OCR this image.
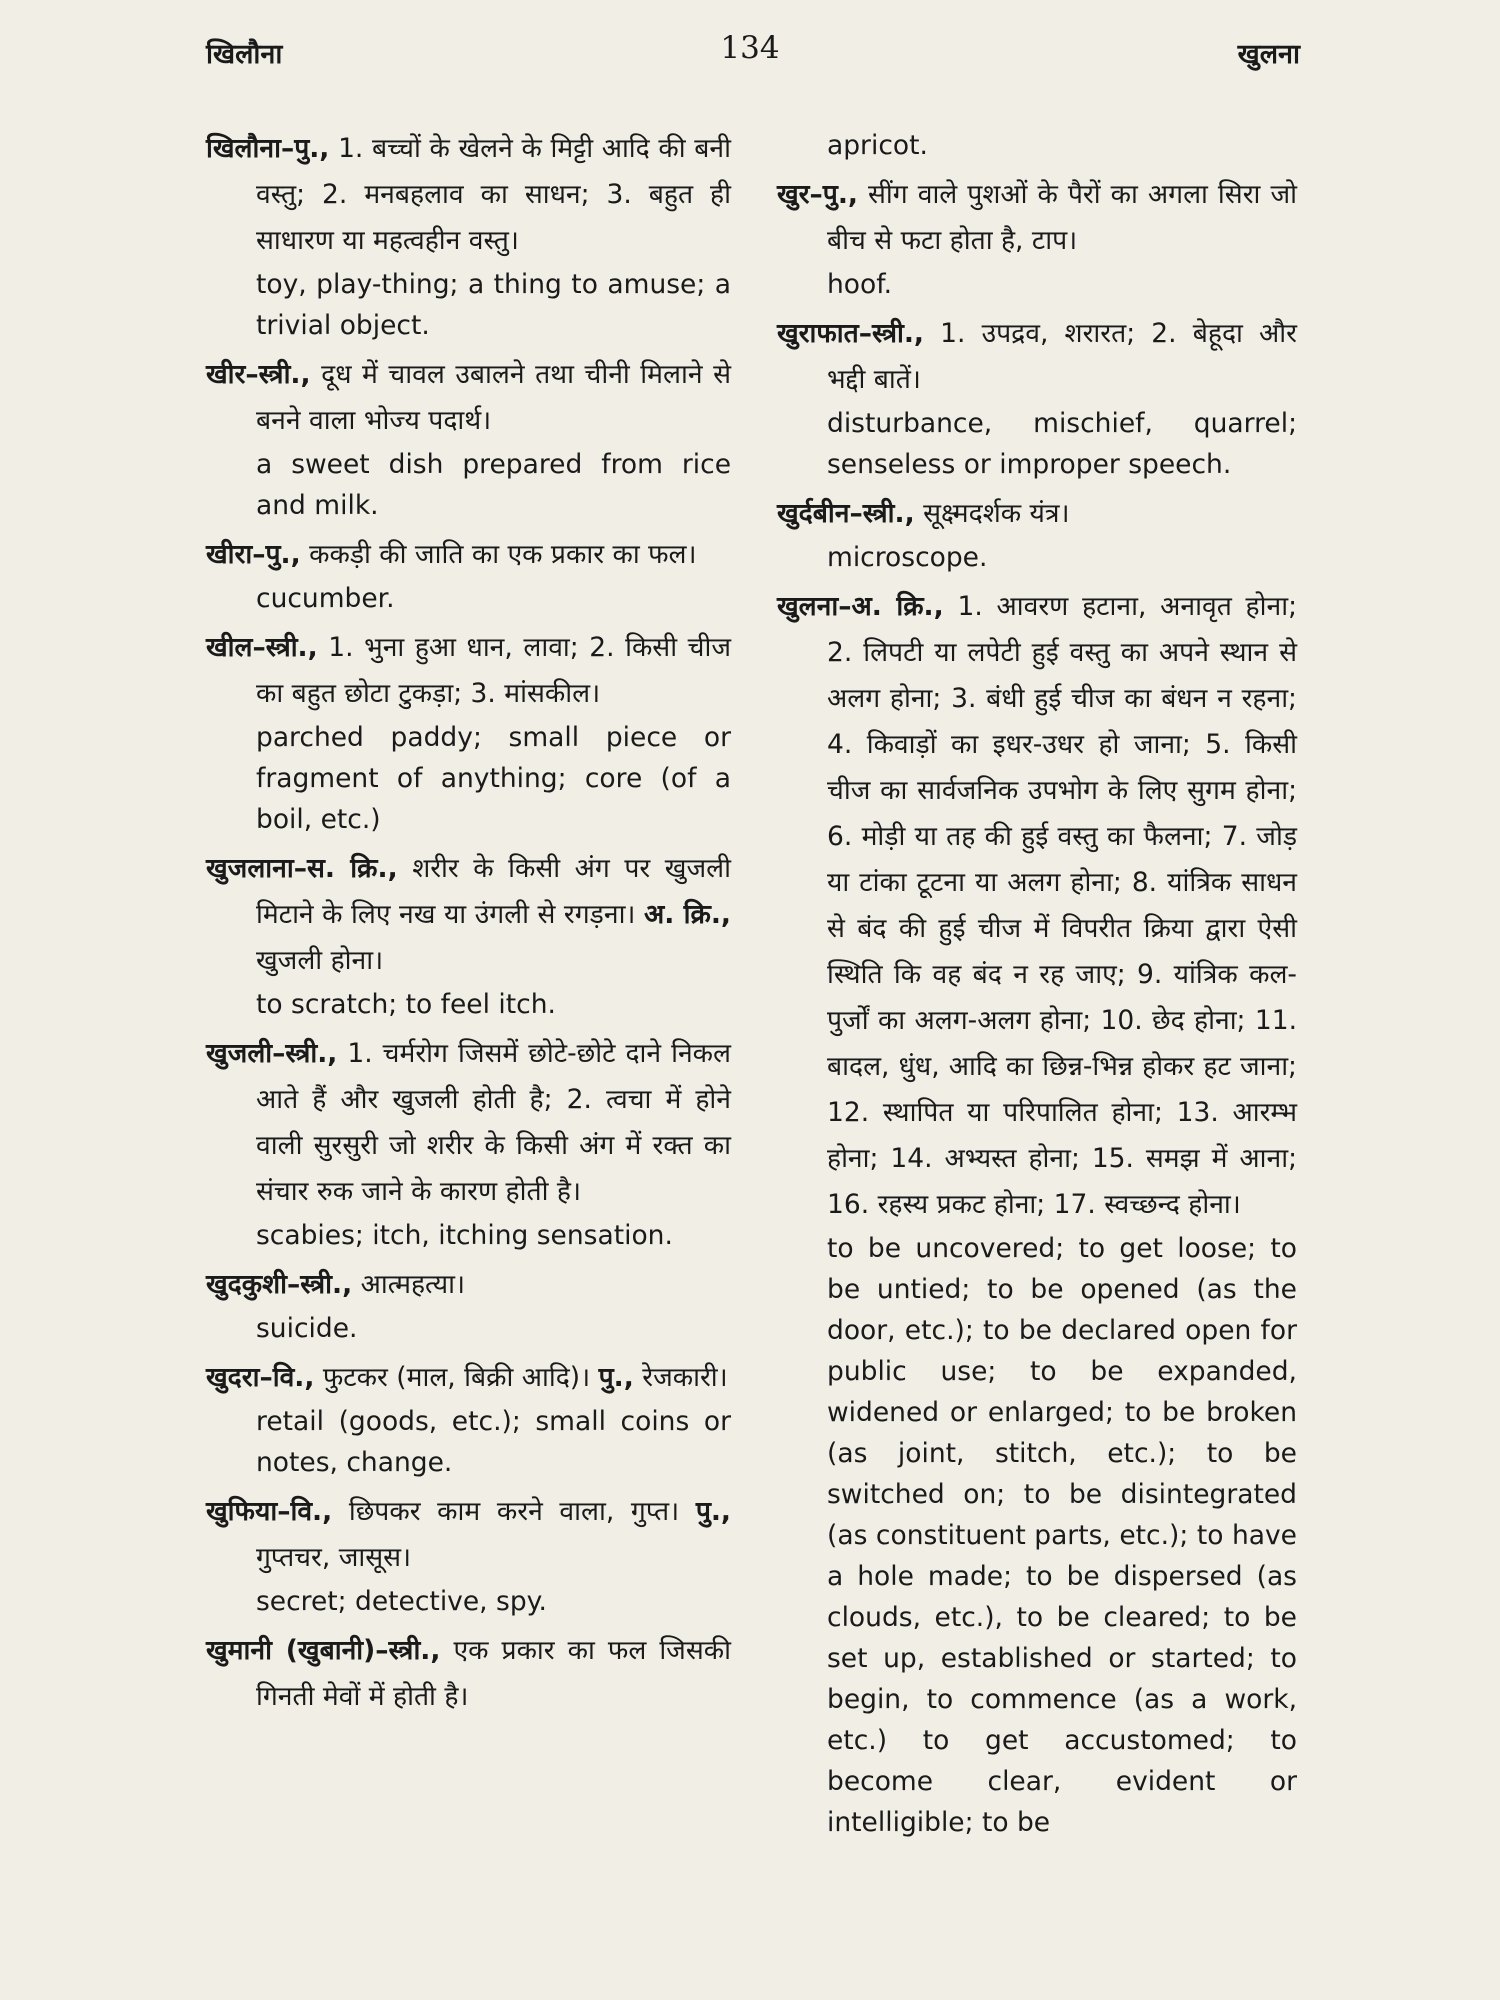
खिलौना	134	खुलना
खिलौना–पु., 1. बच्चों के खेलने के मिट्टी आदि की बनी वस्तु; 2. मनबहलाव का साधन; 3. बहुत ही साधारण या महत्वहीन वस्तु।
toy, play-thing; a thing to amuse; a trivial object.
खीर–स्त्री., दूध में चावल उबालने तथा चीनी मिलाने से बनने वाला भोज्य पदार्थ।
a sweet dish prepared from rice and milk.
खीरा–पु., ककड़ी की जाति का एक प्रकार का फल।
cucumber.
खील–स्त्री., 1. भुना हुआ धान, लावा; 2. किसी चीज का बहुत छोटा टुकड़ा; 3. मांसकील।
parched paddy; small piece or fragment of anything; core (of a boil, etc.)
खुजलाना–स. क्रि., शरीर के किसी अंग पर खुजली मिटाने के लिए नख या उंगली से रगड़ना। अ. क्रि., खुजली होना।
to scratch; to feel itch.
खुजली–स्त्री., 1. चर्मरोग जिसमें छोटे-छोटे दाने निकल आते हैं और खुजली होती है; 2. त्वचा में होने वाली सुरसुरी जो शरीर के किसी अंग में रक्त का संचार रुक जाने के कारण होती है।
scabies; itch, itching sensation.
खुदकुशी–स्त्री., आत्महत्या।
suicide.
खुदरा–वि., फुटकर (माल, बिक्री आदि)। पु., रेजकारी।
retail (goods, etc.); small coins or notes, change.
खुफिया–वि., छिपकर काम करने वाला, गुप्त। पु., गुप्तचर, जासूस।
secret; detective, spy.
खुमानी (खुबानी)–स्त्री., एक प्रकार का फल जिसकी गिनती मेवों में होती है।
apricot.
खुर–पु., सींग वाले पुशओं के पैरों का अगला सिरा जो बीच से फटा होता है, टाप।
hoof.
खुराफात–स्त्री., 1. उपद्रव, शरारत; 2. बेहूदा और भद्दी बातें।
disturbance, mischief, quarrel; senseless or improper speech.
खुर्दबीन–स्त्री., सूक्ष्मदर्शक यंत्र।
microscope.
खुलना–अ. क्रि., 1. आवरण हटाना, अनावृत होना; 2. लिपटी या लपेटी हुई वस्तु का अपने स्थान से अलग होना; 3. बंधी हुई चीज का बंधन न रहना; 4. किवाड़ों का इधर-उधर हो जाना; 5. किसी चीज का सार्वजनिक उपभोग के लिए सुगम होना; 6. मोड़ी या तह की हुई वस्तु का फैलना; 7. जोड़ या टांका टूटना या अलग होना; 8. यांत्रिक साधन से बंद की हुई चीज में विपरीत क्रिया द्वारा ऐसी स्थिति कि वह बंद न रह जाए; 9. यांत्रिक कल-पुर्जों का अलग-अलग होना; 10. छेद होना; 11. बादल, धुंध, आदि का छिन्न-भिन्न होकर हट जाना; 12. स्थापित या परिपालित होना; 13. आरम्भ होना; 14. अभ्यस्त होना; 15. समझ में आना; 16. रहस्य प्रकट होना; 17. स्वच्छन्द होना।
to be uncovered; to get loose; to be untied; to be opened (as the door, etc.); to be declared open for public use; to be expanded, widened or enlarged; to be broken (as joint, stitch, etc.); to be switched on; to be disintegrated (as constituent parts, etc.); to have a hole made; to be dispersed (as clouds, etc.), to be cleared; to be set up, established or started; to begin, to commence (as a work, etc.) to get accustomed; to become clear, evident or intelligible; to be
